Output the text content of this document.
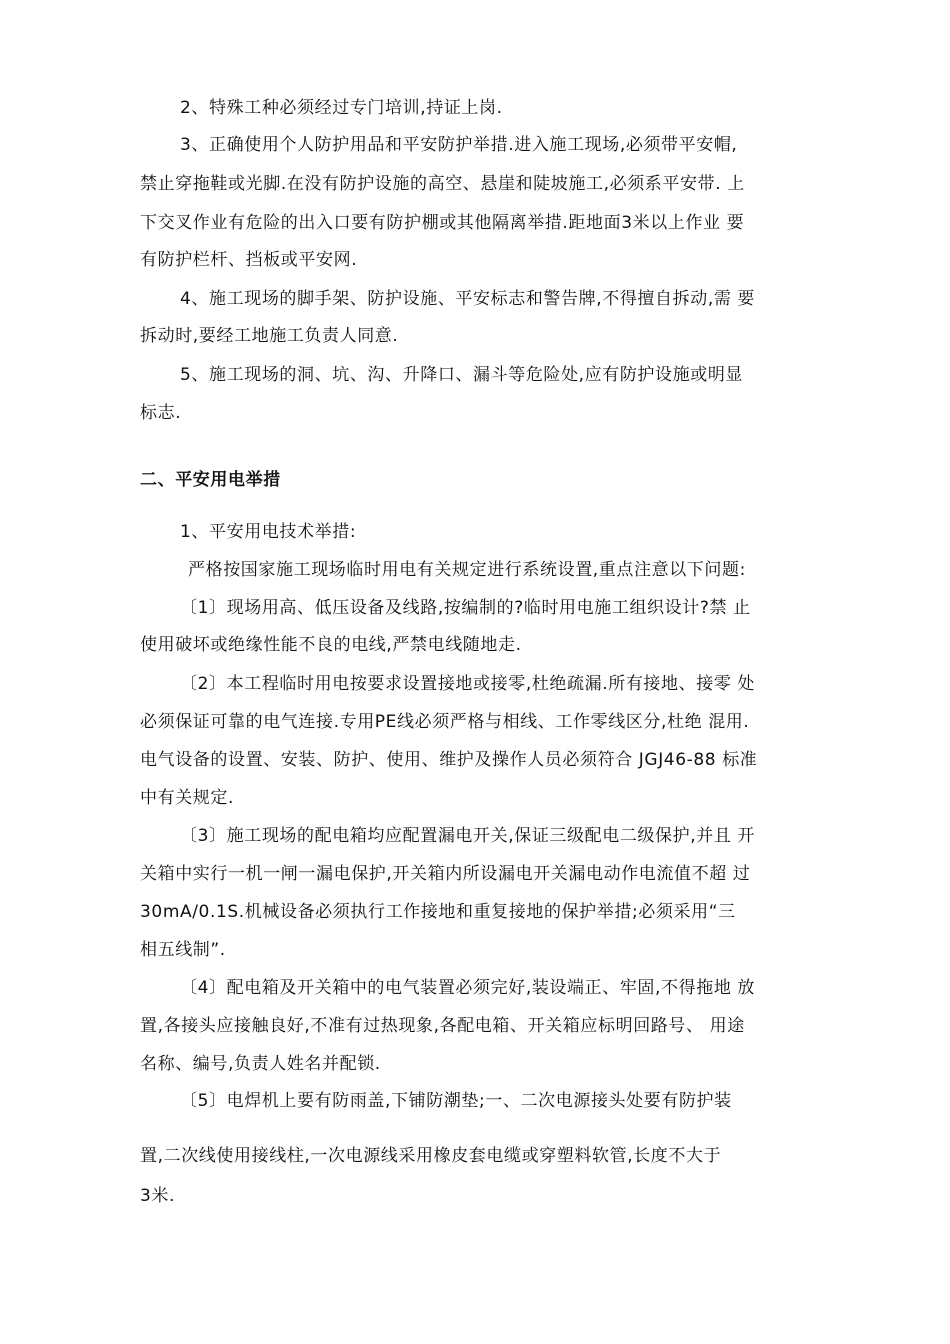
2、特殊工种必须经过专门培训,持证上岗.
3、正确使用个人防护用品和平安防护举措.进入施工现场,必须带平安帽,
禁止穿拖鞋或光脚.在没有防护设施的高空、悬崖和陡坡施工,必须系平安带. 上
下交叉作业有危险的出入口要有防护棚或其他隔离举措.距地面3米以上作业 要
有防护栏杆、挡板或平安网.
4、施工现场的脚手架、防护设施、平安标志和警告牌,不得擅自拆动,需 要
拆动时,要经工地施工负责人同意.
5、施工现场的洞、坑、沟、升降口、漏斗等危险处,应有防护设施或明显
标志.
二、平安用电举措
1、平安用电技术举措:
严格按国家施工现场临时用电有关规定进行系统设置,重点注意以下问题:
〔1〕现场用高、低压设备及线路,按编制的?临时用电施工组织设计?禁 止
使用破坏或绝缘性能不良的电线,严禁电线随地走.
〔2〕本工程临时用电按要求设置接地或接零,杜绝疏漏.所有接地、接零 处
必须保证可靠的电气连接.专用PE线必须严格与相线、工作零线区分,杜绝 混用.
电气设备的设置、安装、防护、使用、维护及操作人员必须符合 JGJ46-88 标准
中有关规定.
〔3〕施工现场的配电箱均应配置漏电开关,保证三级配电二级保护,并且 开
关箱中实行一机一闸一漏电保护,开关箱内所设漏电开关漏电动作电流值不超 过
30mA/0.1S.机械设备必须执行工作接地和重复接地的保护举措;必须采用“三
相五线制”.
〔4〕配电箱及开关箱中的电气装置必须完好,装设端正、牢固,不得拖地 放
置,各接头应接触良好,不准有过热现象,各配电箱、开关箱应标明回路号、 用途
名称、编号,负责人姓名并配锁.
〔5〕电焊机上要有防雨盖,下铺防潮垫;一、二次电源接头处要有防护装
置,二次线使用接线柱,一次电源线采用橡皮套电缆或穿塑料软管,长度不大于
3米.
